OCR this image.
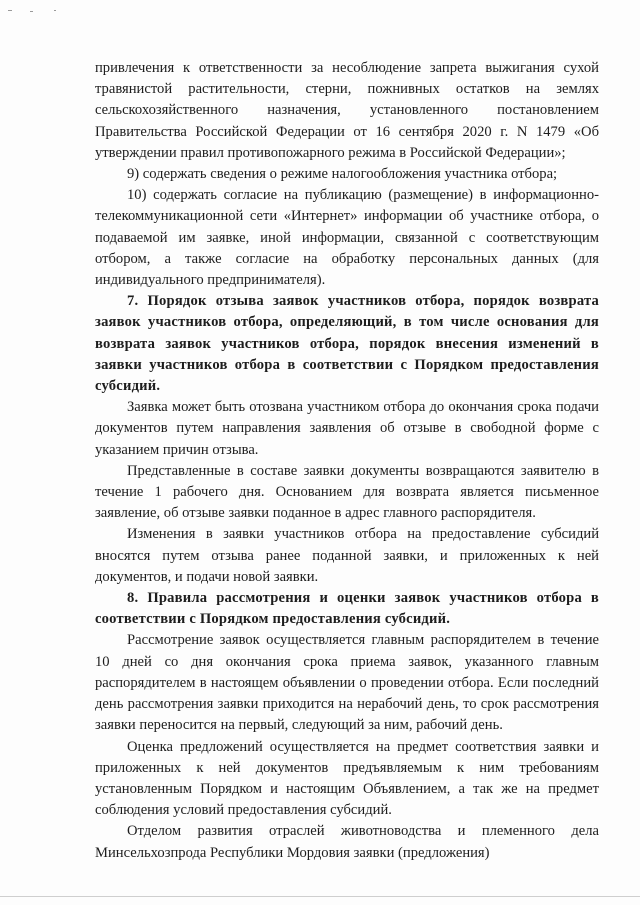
привлечения к ответственности за несоблюдение запрета выжигания сухой травянистой растительности, стерни, пожнивных остатков на землях сельскохозяйственного назначения, установленного постановлением Правительства Российской Федерации от 16 сентября 2020 г. N 1479 «Об утверждении правил противопожарного режима в Российской Федерации»;

9) содержать сведения о режиме налогообложения участника отбора;

10) содержать согласие на публикацию (размещение) в информационно-телекоммуникационной сети «Интернет» информации об участнике отбора, о подаваемой им заявке, иной информации, связанной с соответствующим отбором, а также согласие на обработку персональных данных (для индивидуального предпринимателя).

7. Порядок отзыва заявок участников отбора, порядок возврата заявок участников отбора, определяющий, в том числе основания для возврата заявок участников отбора, порядок внесения изменений в заявки участников отбора в соответствии с Порядком предоставления субсидий.

Заявка может быть отозвана участником отбора до окончания срока подачи документов путем направления заявления об отзыве в свободной форме с указанием причин отзыва.

Представленные в составе заявки документы возвращаются заявителю в течение 1 рабочего дня. Основанием для возврата является письменное заявление, об отзыве заявки поданное в адрес главного распорядителя.

Изменения в заявки участников отбора на предоставление субсидий вносятся путем отзыва ранее поданной заявки, и приложенных к ней документов, и подачи новой заявки.

8. Правила рассмотрения и оценки заявок участников отбора в соответствии с Порядком предоставления субсидий.

Рассмотрение заявок осуществляется главным распорядителем в течение 10 дней со дня окончания срока приема заявок, указанного главным распорядителем в настоящем объявлении о проведении отбора. Если последний день рассмотрения заявки приходится на нерабочий день, то срок рассмотрения заявки переносится на первый, следующий за ним, рабочий день.

Оценка предложений осуществляется на предмет соответствия заявки и приложенных к ней документов предъявляемым к ним требованиям установленным Порядком и настоящим Объявлением, а так же на предмет соблюдения условий предоставления субсидий.

Отделом развития отраслей животноводства и племенного дела Минсельхозпрода Республики Мордовия заявки (предложения)
